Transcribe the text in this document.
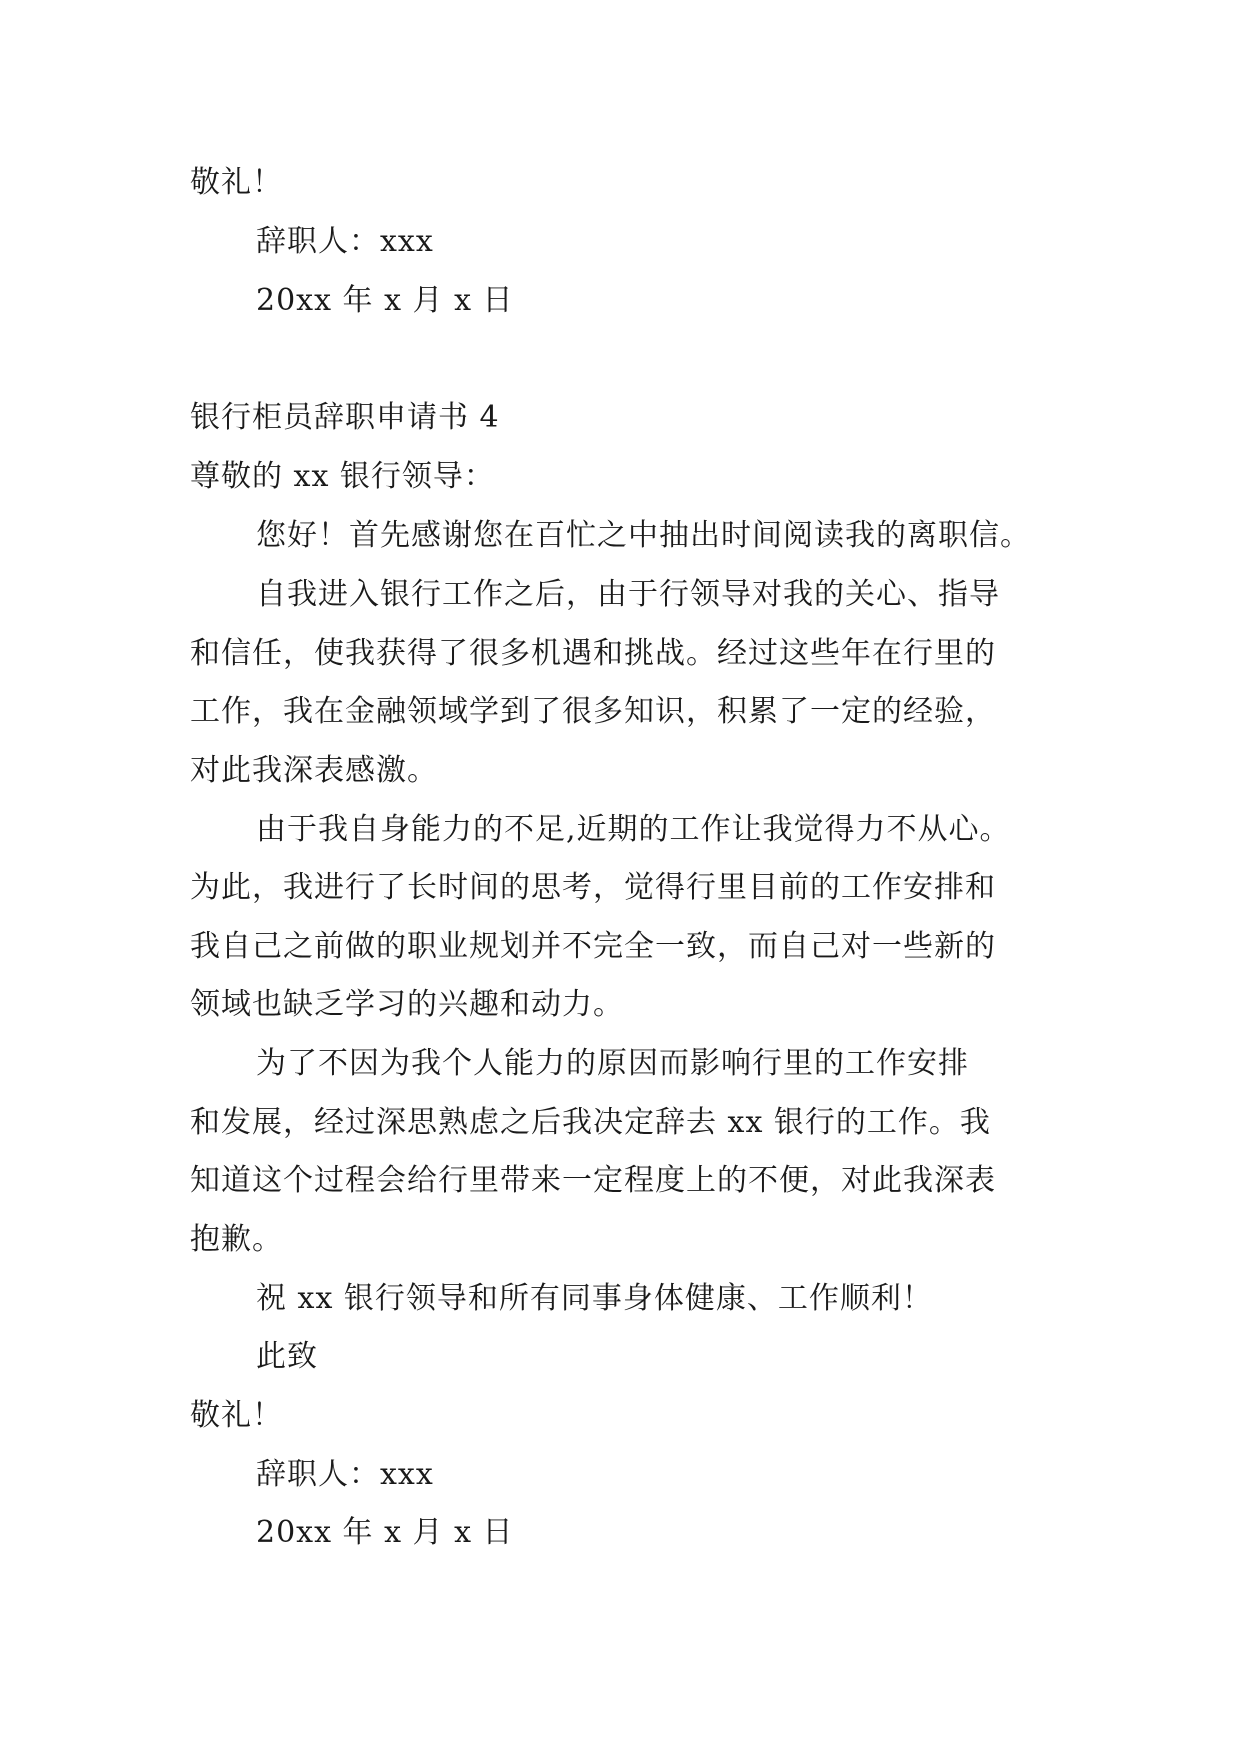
敬礼！
辞职人：xxx
20xx 年 x 月 x 日
银行柜员辞职申请书 4
尊敬的 xx 银行领导：
您好！首先感谢您在百忙之中抽出时间阅读我的离职信。
自我进入银行工作之后，由于行领导对我的关心、指导
和信任，使我获得了很多机遇和挑战。经过这些年在行里的
工作，我在金融领域学到了很多知识，积累了一定的经验，
对此我深表感激。
由于我自身能力的不足,近期的工作让我觉得力不从心。
为此，我进行了长时间的思考，觉得行里目前的工作安排和
我自己之前做的职业规划并不完全一致，而自己对一些新的
领域也缺乏学习的兴趣和动力。
为了不因为我个人能力的原因而影响行里的工作安排
和发展，经过深思熟虑之后我决定辞去 xx 银行的工作。我
知道这个过程会给行里带来一定程度上的不便，对此我深表
抱歉。
祝 xx 银行领导和所有同事身体健康、工作顺利！
此致
敬礼！
辞职人：xxx
20xx 年 x 月 x 日
